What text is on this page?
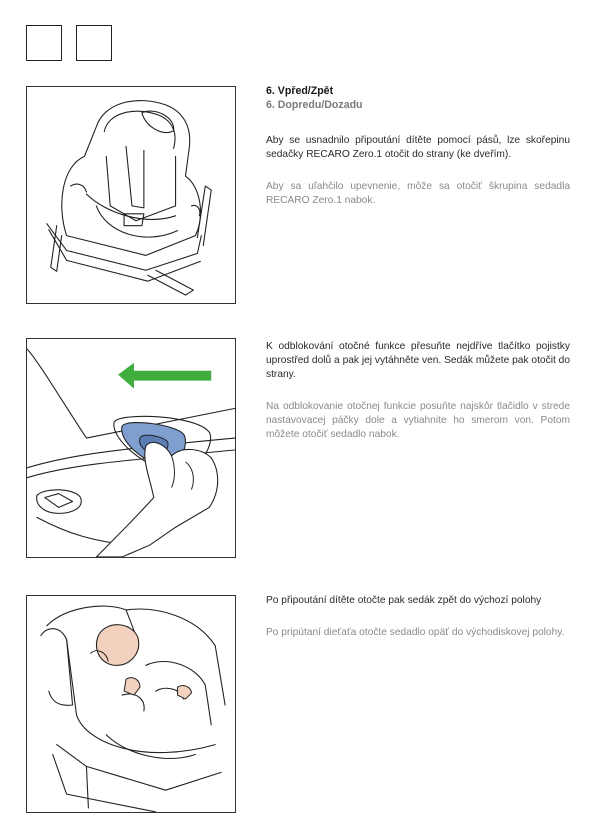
6. Vpřed/Zpět

6. Dopredu/Dozadu

Aby se usnadnilo připoutání dítěte pomocí pásů, lze skořepinu sedačky RECARO Zero.1 otočit do strany (ke dveřím).

Aby sa uľahčilo upevnenie, môže sa otočiť škrupina sedadla RECARO Zero.1 nabok.

K odblokování otočné funkce přesuňte nejdříve tlačítko pojistky uprostřed dolů a pak jej vytáhněte ven. Sedák můžete pak otočit do strany.

Na odblokovanie otočnej funkcie posuňte najskôr tlačidlo v strede nastavovacej páčky dole a vytiahnite ho smerom von. Potom môžete otočiť sedadlo nabok.

Po připoutání dítěte otočte pak sedák zpět do výchozí polohy

Po pripútaní dieťaťa otočte sedadlo opäť do východiskovej polohy.
